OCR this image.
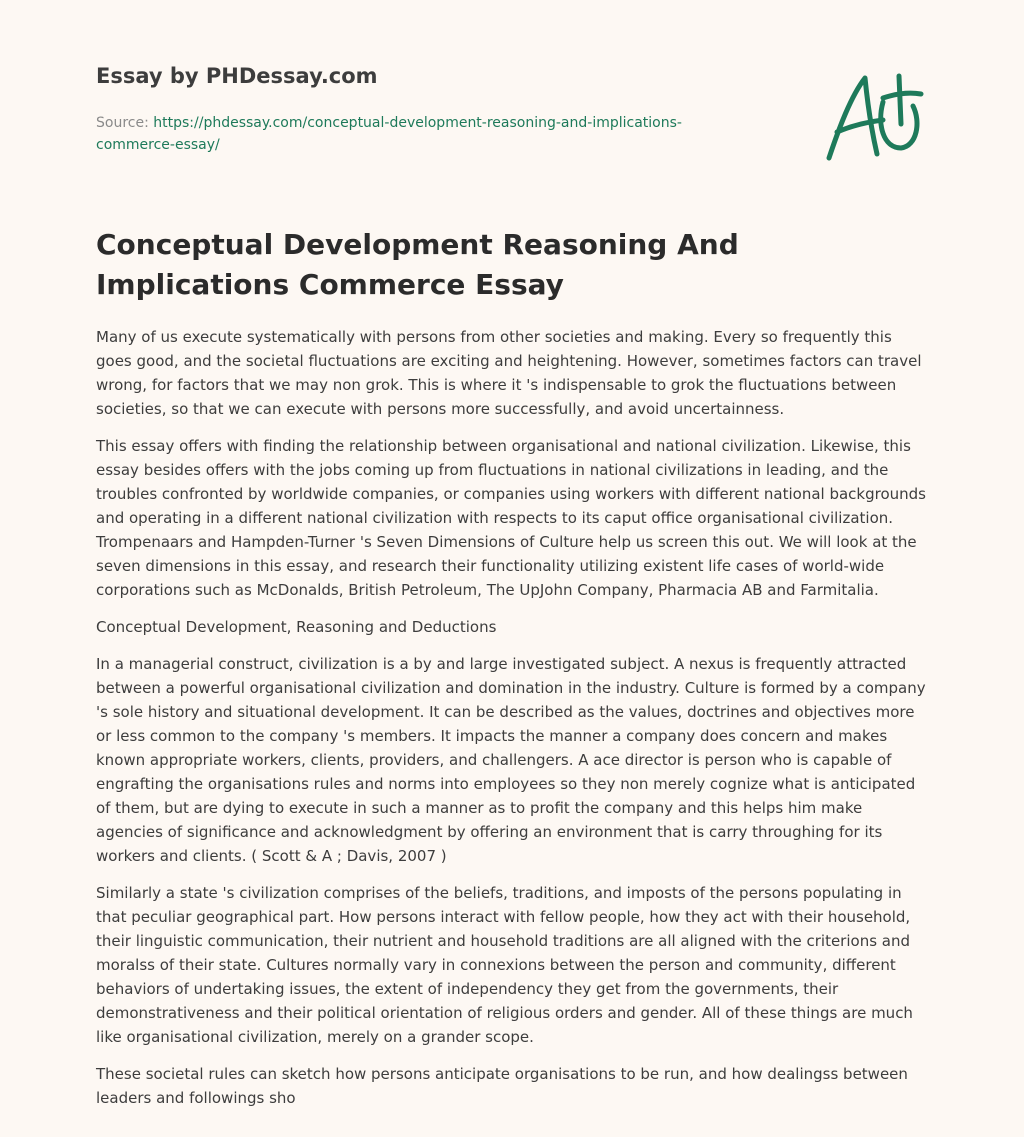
Essay by PHDessay.com
Source: https://phdessay.com/conceptual-development-reasoning-and-implications-commerce-essay/
Conceptual Development Reasoning And Implications Commerce Essay

Many of us execute systematically with persons from other societies and making. Every so frequently this goes good, and the societal fluctuations are exciting and heightening. However, sometimes factors can travel wrong, for factors that we may non grok. This is where it 's indispensable to grok the fluctuations between societies, so that we can execute with persons more successfully, and avoid uncertainness.

This essay offers with finding the relationship between organisational and national civilization. Likewise, this essay besides offers with the jobs coming up from fluctuations in national civilizations in leading, and the troubles confronted by worldwide companies, or companies using workers with different national backgrounds and operating in a different national civilization with respects to its caput office organisational civilization. Trompenaars and Hampden-Turner 's Seven Dimensions of Culture help us screen this out. We will look at the seven dimensions in this essay, and research their functionality utilizing existent life cases of world-wide corporations such as McDonalds, British Petroleum, The UpJohn Company, Pharmacia AB and Farmitalia.

Conceptual Development, Reasoning and Deductions

In a managerial construct, civilization is a by and large investigated subject. A nexus is frequently attracted between a powerful organisational civilization and domination in the industry. Culture is formed by a company 's sole history and situational development. It can be described as the values, doctrines and objectives more or less common to the company 's members. It impacts the manner a company does concern and makes known appropriate workers, clients, providers, and challengers. A ace director is person who is capable of engrafting the organisations rules and norms into employees so they non merely cognize what is anticipated of them, but are dying to execute in such a manner as to profit the company and this helps him make agencies of significance and acknowledgment by offering an environment that is carry throughing for its workers and clients. ( Scott & A ; Davis, 2007 )

Similarly a state 's civilization comprises of the beliefs, traditions, and imposts of the persons populating in that peculiar geographical part. How persons interact with fellow people, how they act with their household, their linguistic communication, their nutrient and household traditions are all aligned with the criterions and moralss of their state. Cultures normally vary in connexions between the person and community, different behaviors of undertaking issues, the extent of independency they get from the governments, their demonstrativeness and their political orientation of religious orders and gender. All of these things are much like organisational civilization, merely on a grander scope.

These societal rules can sketch how persons anticipate organisations to be run, and how dealingss between leaders and followings sho
